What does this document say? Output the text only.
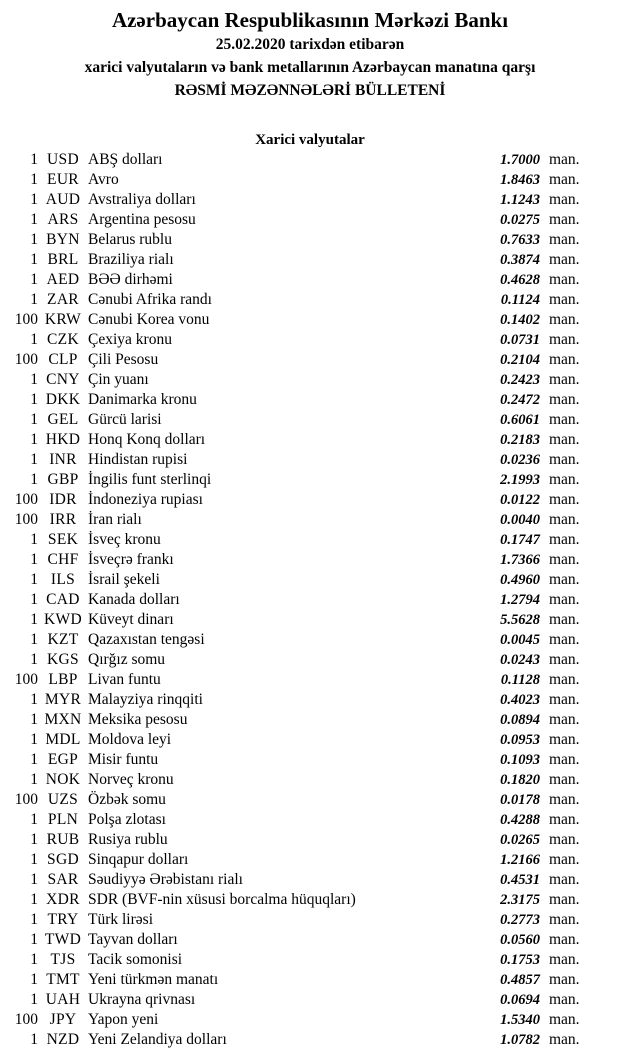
Azərbaycan Respublikasının Mərkəzi Bankı
25.02.2020 tarixdən etibarən
xarici valyutaların və bank metallarının Azərbaycan manatına qarşı
RƏSMİ MƏZƏNNƏLƏRİ BÜLLETENİ
Xarici valyutalar
1 USD ABŞ dolları	1.7000 man.
1 EUR Avro	1.8463 man.
1 AUD Avstraliya dolları	1.1243 man.
1 ARS Argentina pesosu	0.0275 man.
1 BYN Belarus rublu	0.7633 man.
1 BRL Braziliya rialı	0.3874 man.
1 AED BƏƏ dirhəmi	0.4628 man.
1 ZAR Cənubi Afrika randı	0.1124 man.
100 KRW Cənubi Korea vonu	0.1402 man.
1 CZK Çexiya kronu	0.0731 man.
100 CLP Çili Pesosu	0.2104 man.
1 CNY Çin yuanı	0.2423 man.
1 DKK Danimarka kronu	0.2472 man.
1 GEL Gürcü larisi	0.6061 man.
1 HKD Honq Konq dolları	0.2183 man.
1 INR Hindistan rupisi	0.0236 man.
1 GBP İngilis funt sterlinqi	2.1993 man.
100 IDR İndoneziya rupiası	0.0122 man.
100 IRR İran rialı	0.0040 man.
1 SEK İsveç kronu	0.1747 man.
1 CHF İsveçrə frankı	1.7366 man.
1 ILS İsrail şekeli	0.4960 man.
1 CAD Kanada dolları	1.2794 man.
1 KWD Küveyt dinarı	5.5628 man.
1 KZT Qazaxıstan tengəsi	0.0045 man.
1 KGS Qırğız somu	0.0243 man.
100 LBP Livan funtu	0.1128 man.
1 MYR Malayziya rinqqiti	0.4023 man.
1 MXN Meksika pesosu	0.0894 man.
1 MDL Moldova leyi	0.0953 man.
1 EGP Misir funtu	0.1093 man.
1 NOK Norveç kronu	0.1820 man.
100 UZS Özbək somu	0.0178 man.
1 PLN Polşa zlotası	0.4288 man.
1 RUB Rusiya rublu	0.0265 man.
1 SGD Sinqapur dolları	1.2166 man.
1 SAR Səudiyyə Ərəbistanı rialı	0.4531 man.
1 XDR SDR (BVF-nin xüsusi borcalma hüquqları)	2.3175 man.
1 TRY Türk lirəsi	0.2773 man.
1 TWD Tayvan dolları	0.0560 man.
1 TJS Tacik somonisi	0.1753 man.
1 TMT Yeni türkmən manatı	0.4857 man.
1 UAH Ukrayna qrivnası	0.0694 man.
100 JPY Yapon yeni	1.5340 man.
1 NZD Yeni Zelandiya dolları	1.0782 man.
